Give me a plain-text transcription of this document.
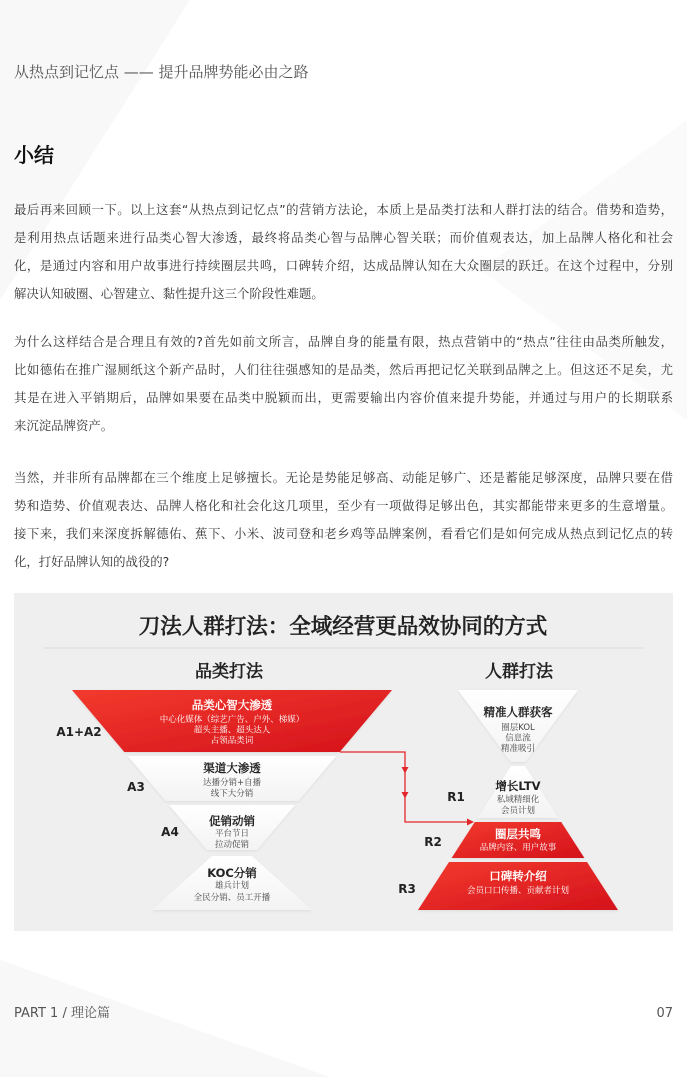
从热点到记忆点 —— 提升品牌势能必由之路
小结
最后再来回顾一下。以上这套“从热点到记忆点”的营销方法论，本质上是品类打法和人群打法的结合。借势和造势，
是利用热点话题来进行品类心智大渗透，最终将品类心智与品牌心智关联；而价值观表达，加上品牌人格化和社会
化，是通过内容和用户故事进行持续圈层共鸣，口碑转介绍，达成品牌认知在大众圈层的跃迁。在这个过程中，分别
解决认知破圈、心智建立、黏性提升这三个阶段性难题。
为什么这样结合是合理且有效的?首先如前文所言，品牌自身的能量有限，热点营销中的“热点”往往由品类所触发，
比如德佑在推广湿厕纸这个新产品时，人们往往强感知的是品类，然后再把记忆关联到品牌之上。但这还不足矣，尤
其是在进入平销期后，品牌如果要在品类中脱颖而出，更需要输出内容价值来提升势能，并通过与用户的长期联系
来沉淀品牌资产。
当然，并非所有品牌都在三个维度上足够擅长。无论是势能足够高、动能足够广、还是蓄能足够深度，品牌只要在借
势和造势、价值观表达、品牌人格化和社会化这几项里，至少有一项做得足够出色，其实都能带来更多的生意增量。
接下来，我们来深度拆解德佑、蕉下、小米、波司登和老乡鸡等品牌案例，看看它们是如何完成从热点到记忆点的转
化，打好品牌认知的战役的?
刀法人群打法：全域经营更品效协同的方式
品类打法	人群打法
品类心智大渗透
中心化媒体（综艺广告、户外、梯媒）
超头主播、超头达人
占领品类词
渠道大渗透
达播分销+自播
线下大分销
促销动销
平台节日
拉动促销
KOC分销
雄兵计划
全民分销、员工开播
A1+A2
A3
A4
精准人群获客
圈层KOL
信息流
精准吸引
增长LTV
私域精细化
会员计划
圈层共鸣
品牌内容、用户故事
口碑转介绍
会员口口传播、贡献者计划
R1
R2
R3
PART 1 / 理论篇	07
